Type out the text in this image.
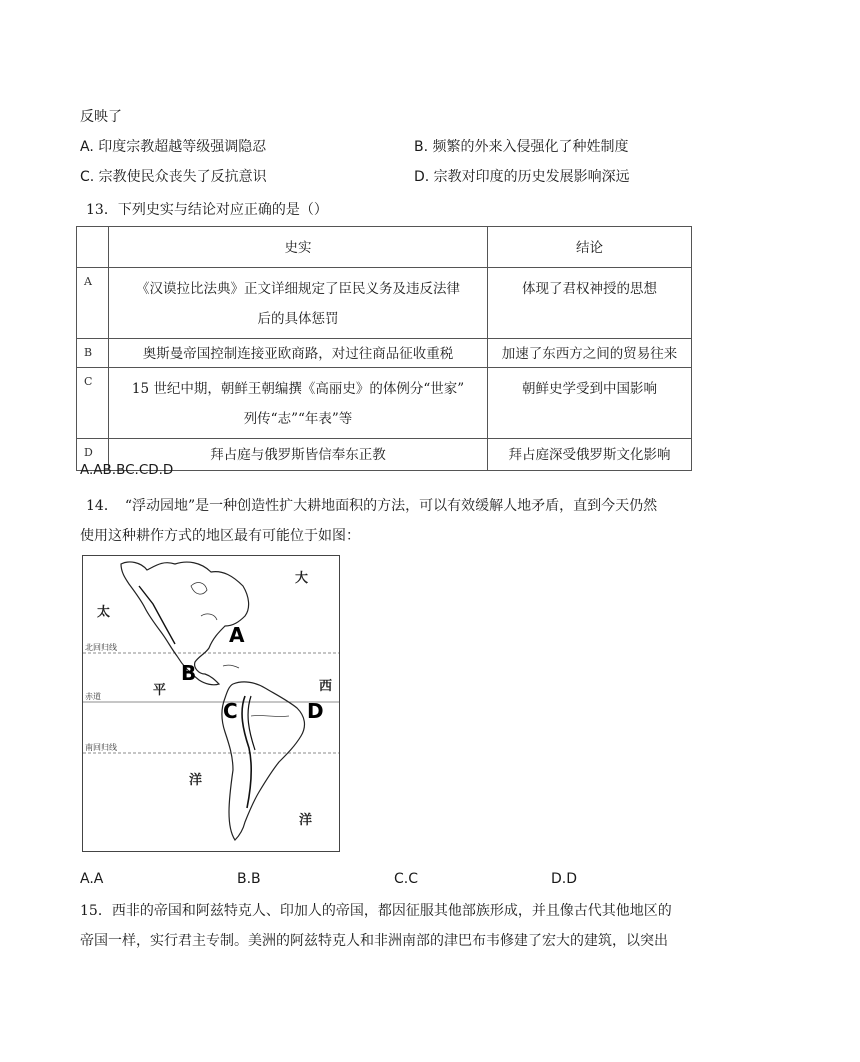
反映了
A. 印度宗教超越等级强调隐忍	B. 频繁的外来入侵强化了种姓制度
C. 宗教使民众丧失了反抗意识	D. 宗教对印度的历史发展影响深远
13．下列史实与结论对应正确的是（）
	史实	结论
A	《汉谟拉比法典》正文详细规定了臣民义务及违反法律
后的具体惩罚	体现了君权神授的思想
B	奥斯曼帝国控制连接亚欧商路，对过往商品征收重税	加速了东西方之间的贸易往来
C	15 世纪中期，朝鲜王朝编撰《高丽史》的体例分“世家”
列传“志”“年表”等	朝鲜史学受到中国影响
D	拜占庭与俄罗斯皆信奉东正教	拜占庭深受俄罗斯文化影响
A.AB.BC.CD.D
14．　“浮动园地”是一种创造性扩大耕地面积的方法，可以有效缓解人地矛盾，直到今天仍然
使用这种耕作方式的地区最有可能位于如图：
北回归线
赤道
南回归线
大
太
平	西
洋
洋
A
B
C	D
A.A	B.B	C.C	D.D
15．西非的帝国和阿兹特克人、印加人的帝国，都因征服其他部族形成，并且像古代其他地区的
帝国一样，实行君主专制。美洲的阿兹特克人和非洲南部的津巴布韦修建了宏大的建筑，以突出
